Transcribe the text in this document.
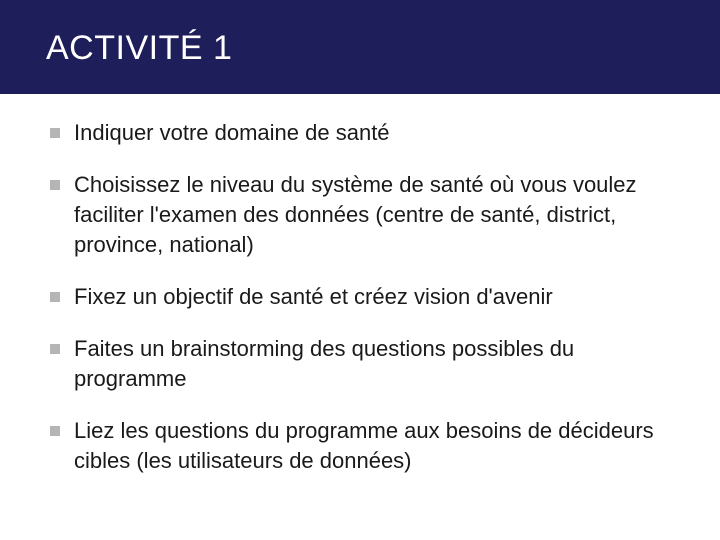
ACTIVITÉ 1
Indiquer votre domaine de santé
Choisissez le niveau du système de santé où vous voulez faciliter l'examen des données (centre de santé, district, province, national)
Fixez un objectif de santé et créez vision d'avenir
Faites un brainstorming des questions possibles du programme
Liez les questions du programme aux besoins de décideurs cibles (les utilisateurs de données)
